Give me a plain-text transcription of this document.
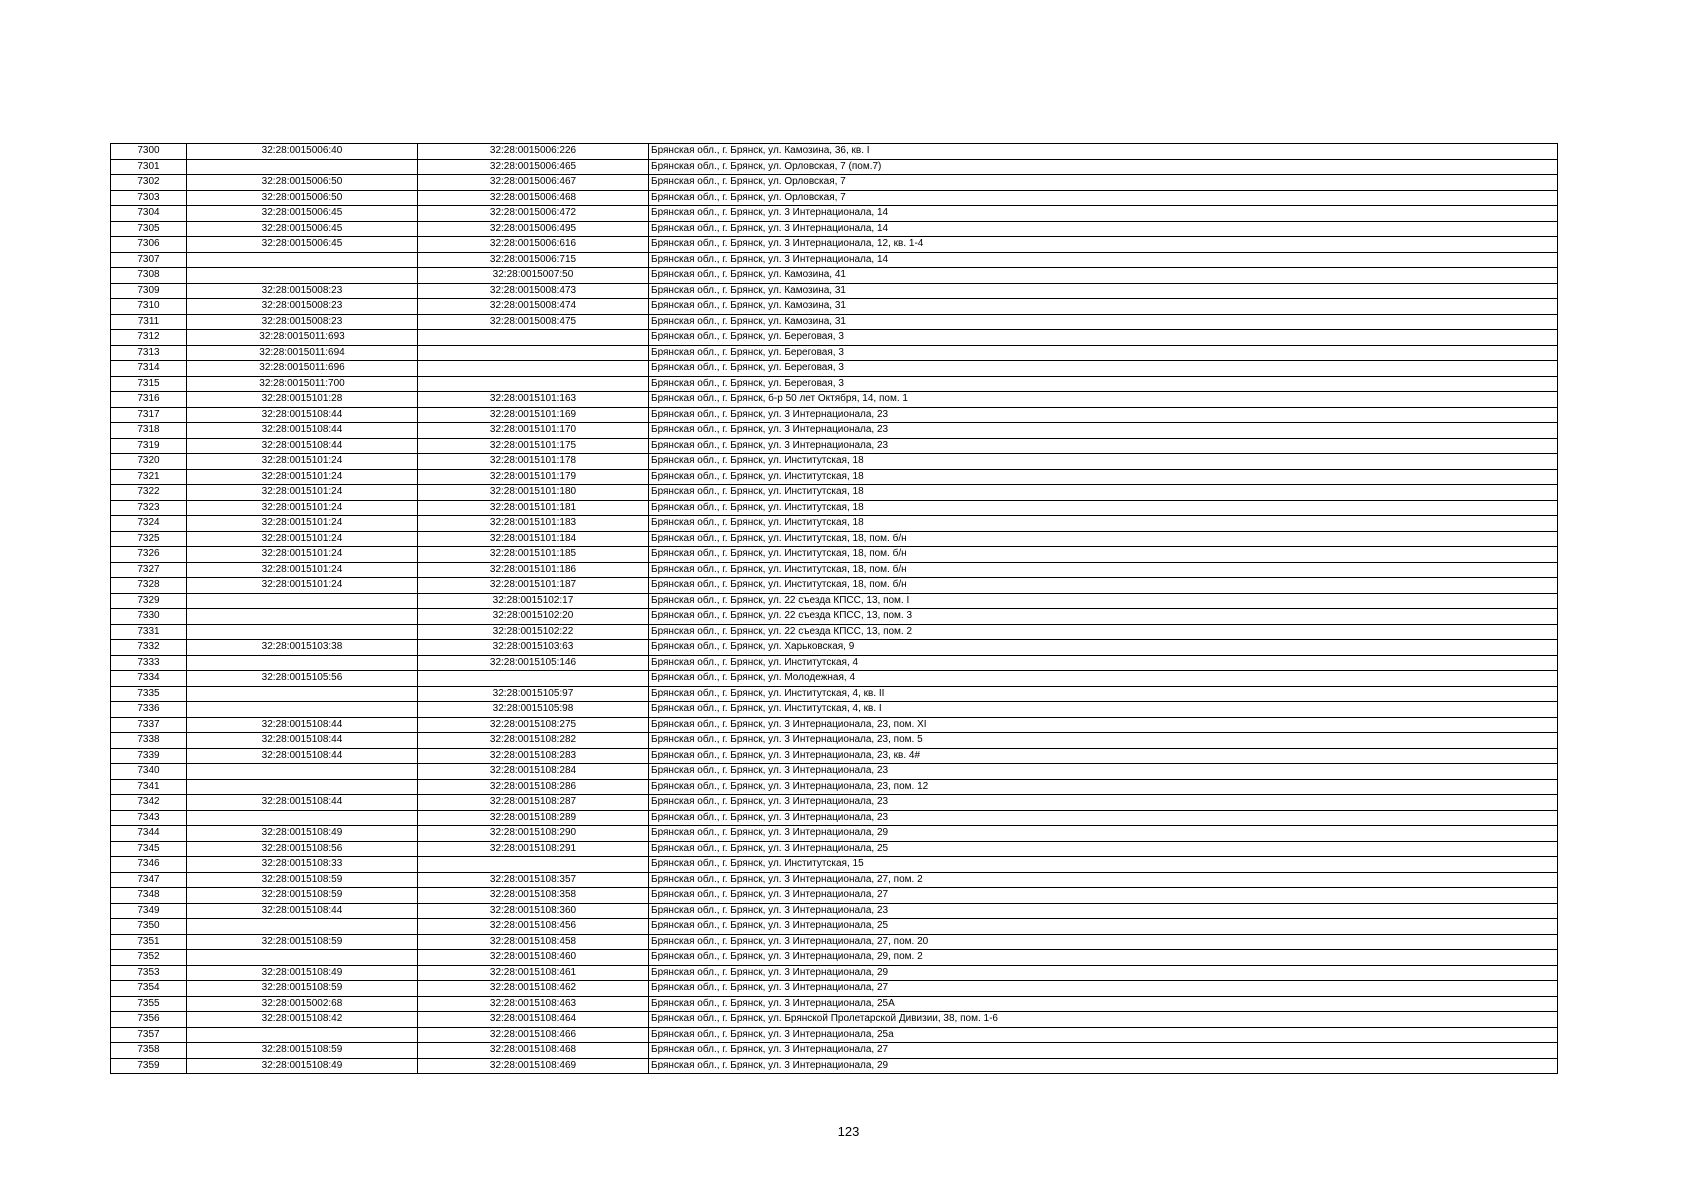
7300	32:28:0015006:40	32:28:0015006:226	Брянская обл., г. Брянск, ул. Камозина, 36, кв. I
7301		32:28:0015006:465	Брянская обл., г. Брянск, ул. Орловская, 7 (пом.7)
7302	32:28:0015006:50	32:28:0015006:467	Брянская обл., г. Брянск, ул. Орловская, 7
7303	32:28:0015006:50	32:28:0015006:468	Брянская обл., г. Брянск, ул. Орловская, 7
7304	32:28:0015006:45	32:28:0015006:472	Брянская обл., г. Брянск, ул. 3 Интернационала, 14
7305	32:28:0015006:45	32:28:0015006:495	Брянская обл., г. Брянск, ул. 3 Интернационала, 14
7306	32:28:0015006:45	32:28:0015006:616	Брянская обл., г. Брянск, ул. 3 Интернационала, 12, кв. 1-4
7307		32:28:0015006:715	Брянская обл., г. Брянск, ул. 3 Интернационала, 14
7308		32:28:0015007:50	Брянская обл., г. Брянск, ул. Камозина, 41
7309	32:28:0015008:23	32:28:0015008:473	Брянская обл., г. Брянск, ул. Камозина, 31
7310	32:28:0015008:23	32:28:0015008:474	Брянская обл., г. Брянск, ул. Камозина, 31
7311	32:28:0015008:23	32:28:0015008:475	Брянская обл., г. Брянск, ул. Камозина, 31
7312	32:28:0015011:693		Брянская обл., г. Брянск, ул. Береговая, 3
7313	32:28:0015011:694		Брянская обл., г. Брянск, ул. Береговая, 3
7314	32:28:0015011:696		Брянская обл., г. Брянск, ул. Береговая, 3
7315	32:28:0015011:700		Брянская обл., г. Брянск, ул. Береговая, 3
7316	32:28:0015101:28	32:28:0015101:163	Брянская обл., г. Брянск, б-р 50 лет Октября, 14, пом. 1
7317	32:28:0015108:44	32:28:0015101:169	Брянская обл., г. Брянск, ул. 3 Интернационала, 23
7318	32:28:0015108:44	32:28:0015101:170	Брянская обл., г. Брянск, ул. 3 Интернационала, 23
7319	32:28:0015108:44	32:28:0015101:175	Брянская обл., г. Брянск, ул. 3 Интернационала, 23
7320	32:28:0015101:24	32:28:0015101:178	Брянская обл., г. Брянск, ул. Институтская, 18
7321	32:28:0015101:24	32:28:0015101:179	Брянская обл., г. Брянск, ул. Институтская, 18
7322	32:28:0015101:24	32:28:0015101:180	Брянская обл., г. Брянск, ул. Институтская, 18
7323	32:28:0015101:24	32:28:0015101:181	Брянская обл., г. Брянск, ул. Институтская, 18
7324	32:28:0015101:24	32:28:0015101:183	Брянская обл., г. Брянск, ул. Институтская, 18
7325	32:28:0015101:24	32:28:0015101:184	Брянская обл., г. Брянск, ул. Институтская, 18, пом. б/н
7326	32:28:0015101:24	32:28:0015101:185	Брянская обл., г. Брянск, ул. Институтская, 18, пом. б/н
7327	32:28:0015101:24	32:28:0015101:186	Брянская обл., г. Брянск, ул. Институтская, 18, пом. б/н
7328	32:28:0015101:24	32:28:0015101:187	Брянская обл., г. Брянск, ул. Институтская, 18, пом. б/н
7329		32:28:0015102:17	Брянская обл., г. Брянск, ул. 22 съезда КПСС, 13, пом. I
7330		32:28:0015102:20	Брянская обл., г. Брянск, ул. 22 съезда КПСС, 13, пом. 3
7331		32:28:0015102:22	Брянская обл., г. Брянск, ул. 22 съезда КПСС, 13, пом. 2
7332	32:28:0015103:38	32:28:0015103:63	Брянская обл., г. Брянск, ул. Харьковская, 9
7333		32:28:0015105:146	Брянская обл., г. Брянск, ул. Институтская, 4
7334	32:28:0015105:56		Брянская обл., г. Брянск, ул. Молодежная, 4
7335		32:28:0015105:97	Брянская обл., г. Брянск, ул. Институтская, 4, кв. II
7336		32:28:0015105:98	Брянская обл., г. Брянск, ул. Институтская, 4, кв. I
7337	32:28:0015108:44	32:28:0015108:275	Брянская обл., г. Брянск, ул. 3 Интернационала, 23, пом. XI
7338	32:28:0015108:44	32:28:0015108:282	Брянская обл., г. Брянск, ул. 3 Интернационала, 23, пом. 5
7339	32:28:0015108:44	32:28:0015108:283	Брянская обл., г. Брянск, ул. 3 Интернационала, 23, кв. 4#
7340		32:28:0015108:284	Брянская обл., г. Брянск, ул. 3 Интернационала, 23
7341		32:28:0015108:286	Брянская обл., г. Брянск, ул. 3 Интернационала, 23, пом. 12
7342	32:28:0015108:44	32:28:0015108:287	Брянская обл., г. Брянск, ул. 3 Интернационала, 23
7343		32:28:0015108:289	Брянская обл., г. Брянск, ул. 3 Интернационала, 23
7344	32:28:0015108:49	32:28:0015108:290	Брянская обл., г. Брянск, ул. 3 Интернационала, 29
7345	32:28:0015108:56	32:28:0015108:291	Брянская обл., г. Брянск, ул. 3 Интернационала, 25
7346	32:28:0015108:33		Брянская обл., г. Брянск, ул. Институтская, 15
7347	32:28:0015108:59	32:28:0015108:357	Брянская обл., г. Брянск, ул. 3 Интернационала, 27, пом. 2
7348	32:28:0015108:59	32:28:0015108:358	Брянская обл., г. Брянск, ул. 3 Интернационала, 27
7349	32:28:0015108:44	32:28:0015108:360	Брянская обл., г. Брянск, ул. 3 Интернационала, 23
7350		32:28:0015108:456	Брянская обл., г. Брянск, ул. 3 Интернационала, 25
7351	32:28:0015108:59	32:28:0015108:458	Брянская обл., г. Брянск, ул. 3 Интернационала, 27, пом. 20
7352		32:28:0015108:460	Брянская обл., г. Брянск, ул. 3 Интернационала, 29, пом. 2
7353	32:28:0015108:49	32:28:0015108:461	Брянская обл., г. Брянск, ул. 3 Интернационала, 29
7354	32:28:0015108:59	32:28:0015108:462	Брянская обл., г. Брянск, ул. 3 Интернационала, 27
7355	32:28:0015002:68	32:28:0015108:463	Брянская обл., г. Брянск, ул. 3 Интернационала, 25А
7356	32:28:0015108:42	32:28:0015108:464	Брянская обл., г. Брянск, ул. Брянской Пролетарской Дивизии, 38, пом. 1-6
7357		32:28:0015108:466	Брянская обл., г. Брянск, ул. 3 Интернационала, 25а
7358	32:28:0015108:59	32:28:0015108:468	Брянская обл., г. Брянск, ул. 3 Интернационала, 27
7359	32:28:0015108:49	32:28:0015108:469	Брянская обл., г. Брянск, ул. 3 Интернационала, 29
123
